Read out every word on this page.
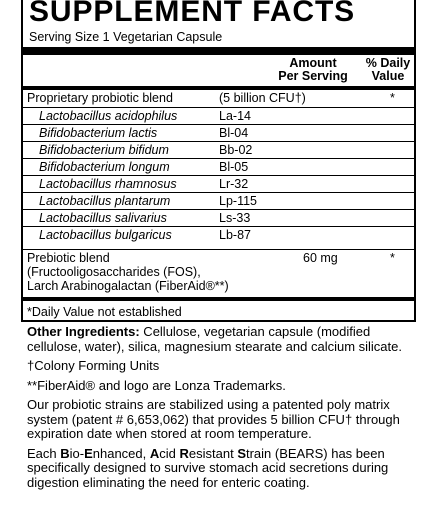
SUPPLEMENT FACTS
Serving Size 1 Vegetarian Capsule
Amount
Per Serving
% Daily
Value
Proprietary probiotic blend	(5 billion CFU†)	*
Lactobacillus acidophilus	La-14
Bifidobacterium lactis	Bl-04
Bifidobacterium bifidum	Bb-02
Bifidobacterium longum	Bl-05
Lactobacillus rhamnosus	Lr-32
Lactobacillus plantarum	Lp-115
Lactobacillus salivarius	Ls-33
Lactobacillus bulgaricus	Lb-87
Prebiotic blend
(Fructooligosaccharides (FOS),
Larch Arabinogalactan (FiberAid®**)
60 mg	*
*Daily Value not established

Other Ingredients: Cellulose, vegetarian capsule (modified cellulose, water), silica, magnesium stearate and calcium silicate.

†Colony Forming Units

**FiberAid® and logo are Lonza Trademarks.

Our probiotic strains are stabilized using a patented poly matrix system (patent # 6,653,062) that provides 5 billion CFU† through expiration date when stored at room temperature.

Each Bio-Enhanced, Acid Resistant Strain (BEARS) has been specifically designed to survive stomach acid secretions during digestion eliminating the need for enteric coating.
